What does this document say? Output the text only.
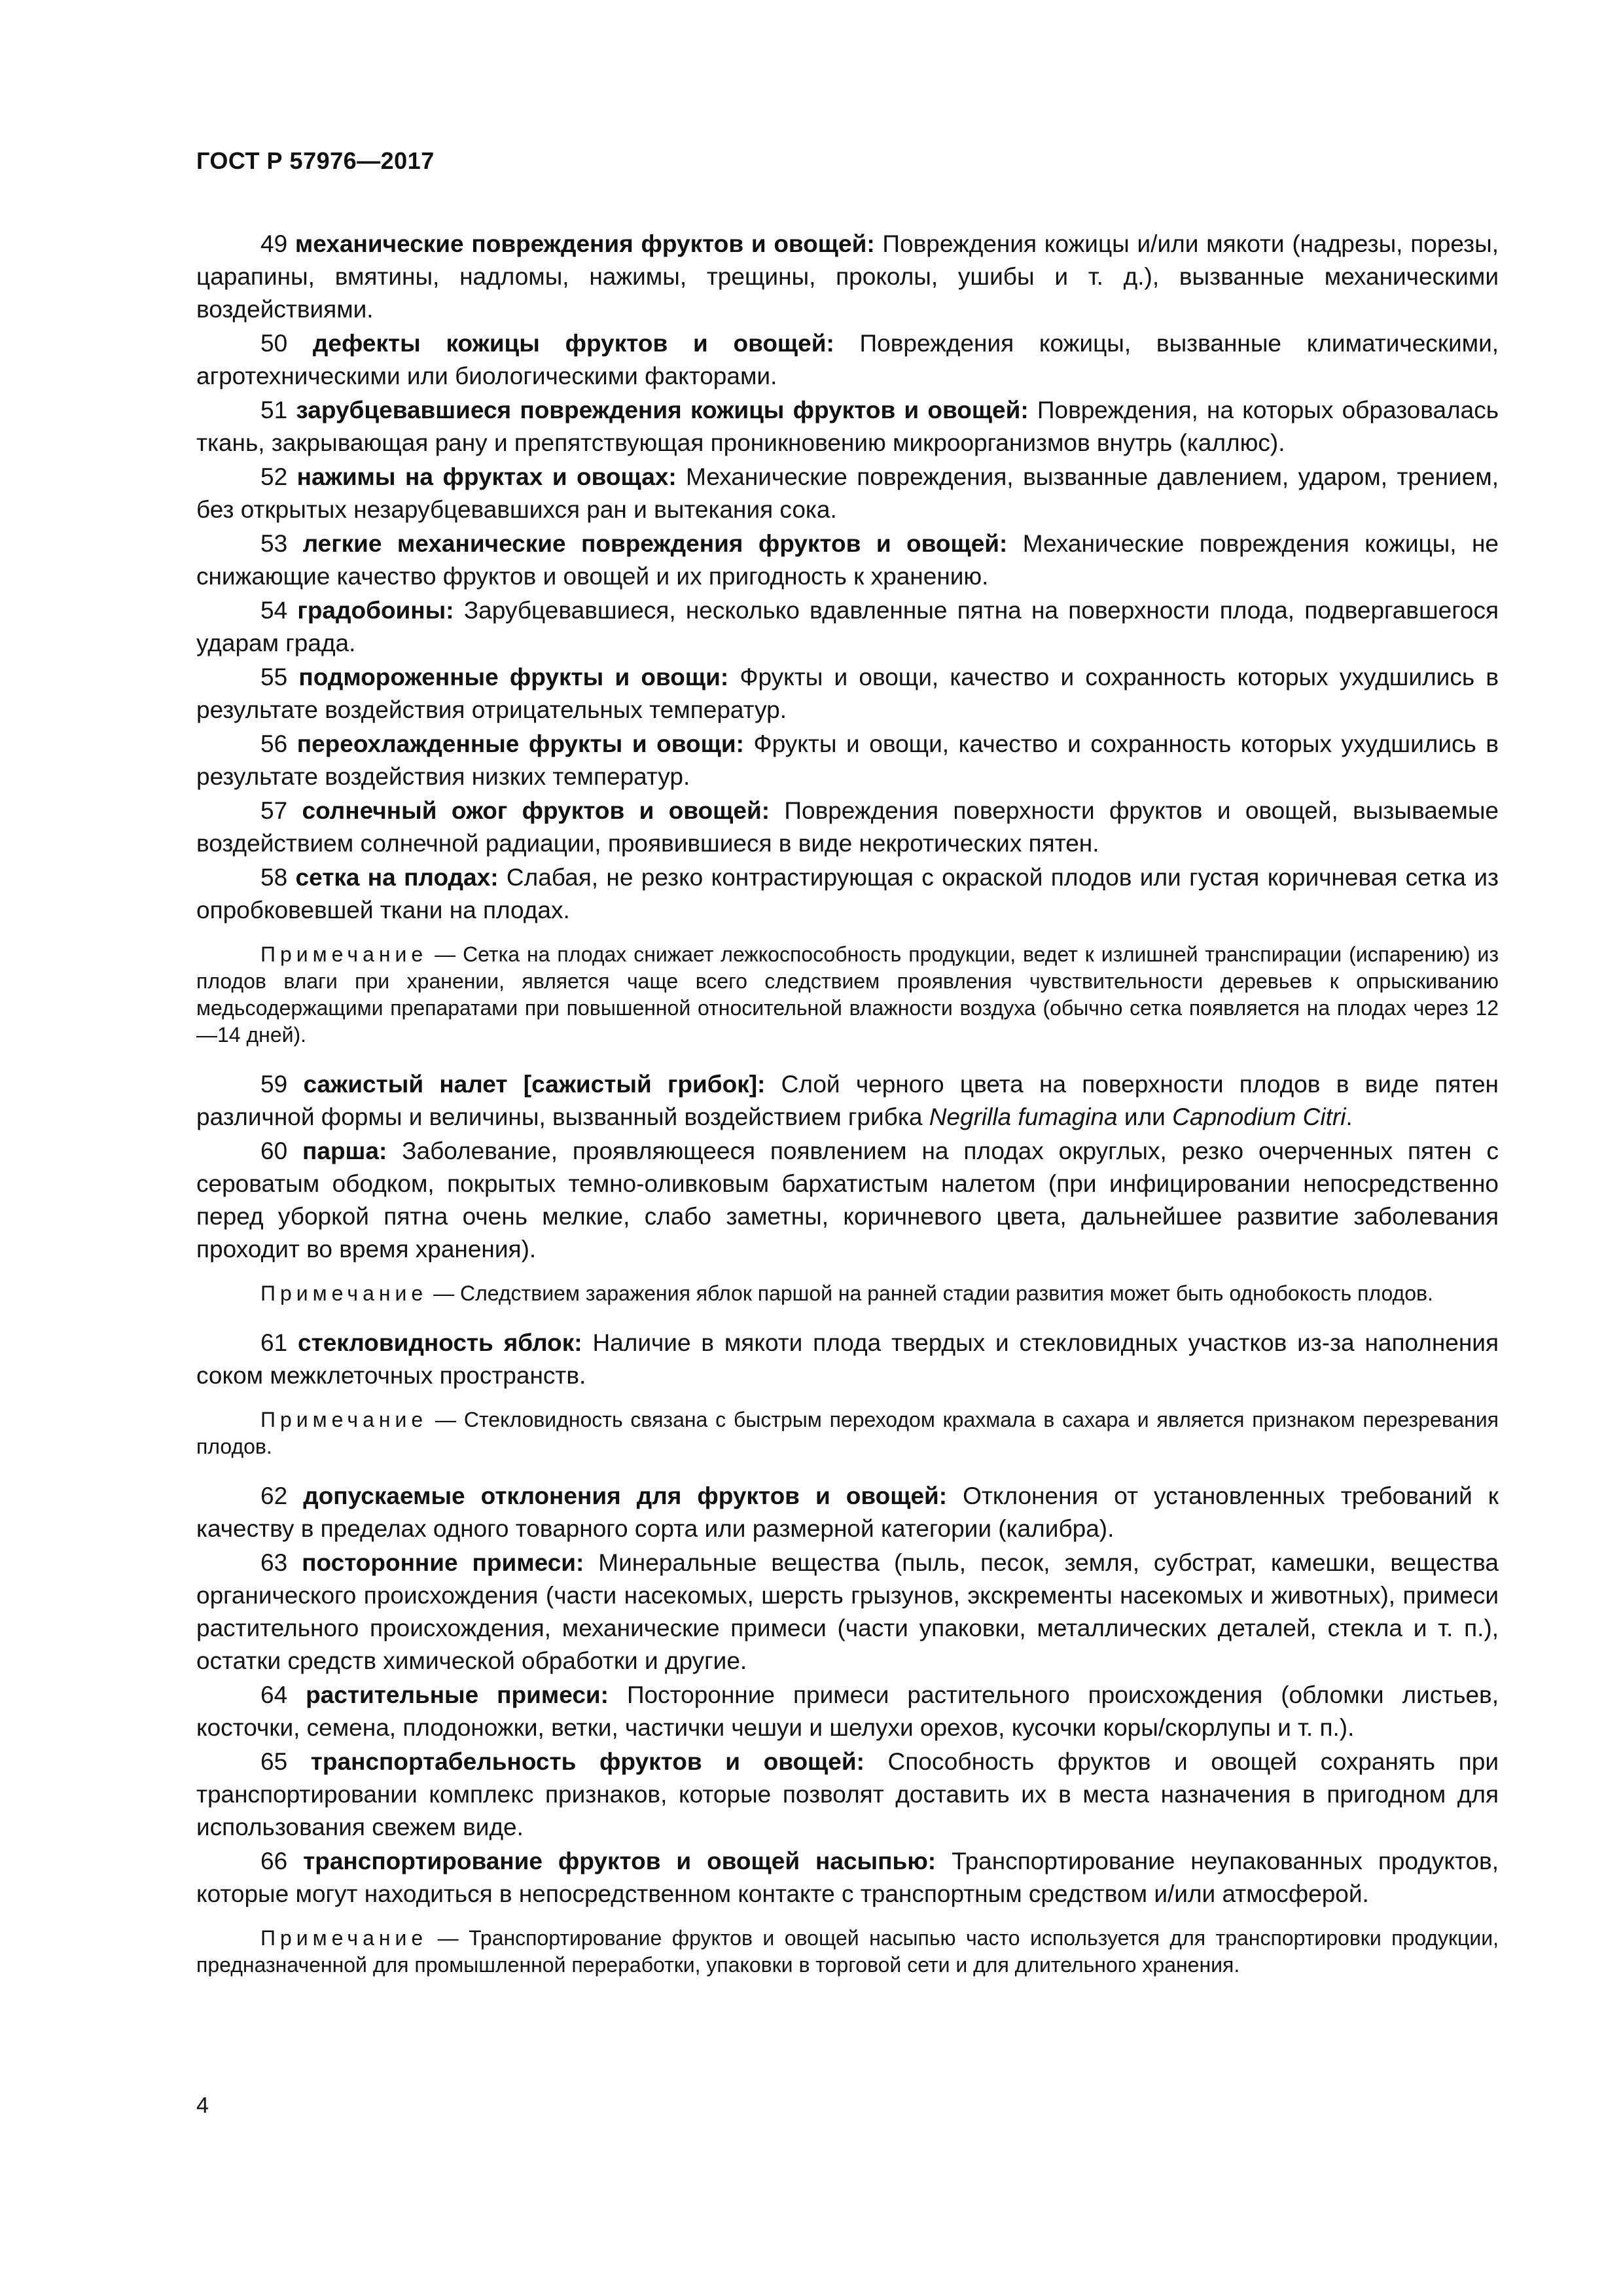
ГОСТ Р 57976—2017

49 механические повреждения фруктов и овощей: Повреждения кожицы и/или мякоти (надрезы, порезы, царапины, вмятины, надломы, нажимы, трещины, проколы, ушибы и т. д.), вызванные механическими воздействиями.

50 дефекты кожицы фруктов и овощей: Повреждения кожицы, вызванные климатическими, агротехническими или биологическими факторами.

51 зарубцевавшиеся повреждения кожицы фруктов и овощей: Повреждения, на которых образовалась ткань, закрывающая рану и препятствующая проникновению микроорганизмов внутрь (каллюс).

52 нажимы на фруктах и овощах: Механические повреждения, вызванные давлением, ударом, трением, без открытых незарубцевавшихся ран и вытекания сока.

53 легкие механические повреждения фруктов и овощей: Механические повреждения кожицы, не снижающие качество фруктов и овощей и их пригодность к хранению.

54 градобоины: Зарубцевавшиеся, несколько вдавленные пятна на поверхности плода, подвергавшегося ударам града.

55 подмороженные фрукты и овощи: Фрукты и овощи, качество и сохранность которых ухудшились в результате воздействия отрицательных температур.

56 переохлажденные фрукты и овощи: Фрукты и овощи, качество и сохранность которых ухудшились в результате воздействия низких температур.

57 солнечный ожог фруктов и овощей: Повреждения поверхности фруктов и овощей, вызываемые воздействием солнечной радиации, проявившиеся в виде некротических пятен.

58 сетка на плодах: Слабая, не резко контрастирующая с окраской плодов или густая коричневая сетка из опробковевшей ткани на плодах.

Примечание — Сетка на плодах снижает лежкоспособность продукции, ведет к излишней транспирации (испарению) из плодов влаги при хранении, является чаще всего следствием проявления чувствительности деревьев к опрыскиванию медьсодержащими препаратами при повышенной относительной влажности воздуха (обычно сетка появляется на плодах через 12—14 дней).

59 сажистый налет [сажистый грибок]: Слой черного цвета на поверхности плодов в виде пятен различной формы и величины, вызванный воздействием грибка Negrilla fumagina или Capnodium Citri.

60 парша: Заболевание, проявляющееся появлением на плодах округлых, резко очерченных пятен с сероватым ободком, покрытых темно-оливковым бархатистым налетом (при инфицировании непосредственно перед уборкой пятна очень мелкие, слабо заметны, коричневого цвета, дальнейшее развитие заболевания проходит во время хранения).

Примечание — Следствием заражения яблок паршой на ранней стадии развития может быть однобокость плодов.

61 стекловидность яблок: Наличие в мякоти плода твердых и стекловидных участков из-за наполнения соком межклеточных пространств.

Примечание — Стекловидность связана с быстрым переходом крахмала в сахара и является признаком перезревания плодов.

62 допускаемые отклонения для фруктов и овощей: Отклонения от установленных требований к качеству в пределах одного товарного сорта или размерной категории (калибра).

63 посторонние примеси: Минеральные вещества (пыль, песок, земля, субстрат, камешки, вещества органического происхождения (части насекомых, шерсть грызунов, экскременты насекомых и животных), примеси растительного происхождения, механические примеси (части упаковки, металлических деталей, стекла и т. п.), остатки средств химической обработки и другие.

64 растительные примеси: Посторонние примеси растительного происхождения (обломки листьев, косточки, семена, плодоножки, ветки, частички чешуи и шелухи орехов, кусочки коры/скорлупы и т. п.).

65 транспортабельность фруктов и овощей: Способность фруктов и овощей сохранять при транспортировании комплекс признаков, которые позволят доставить их в места назначения в пригодном для использования свежем виде.

66 транспортирование фруктов и овощей насыпью: Транспортирование неупакованных продуктов, которые могут находиться в непосредственном контакте с транспортным средством и/или атмосферой.

Примечание — Транспортирование фруктов и овощей насыпью часто используется для транспортировки продукции, предназначенной для промышленной переработки, упаковки в торговой сети и для длительного хранения.

4
